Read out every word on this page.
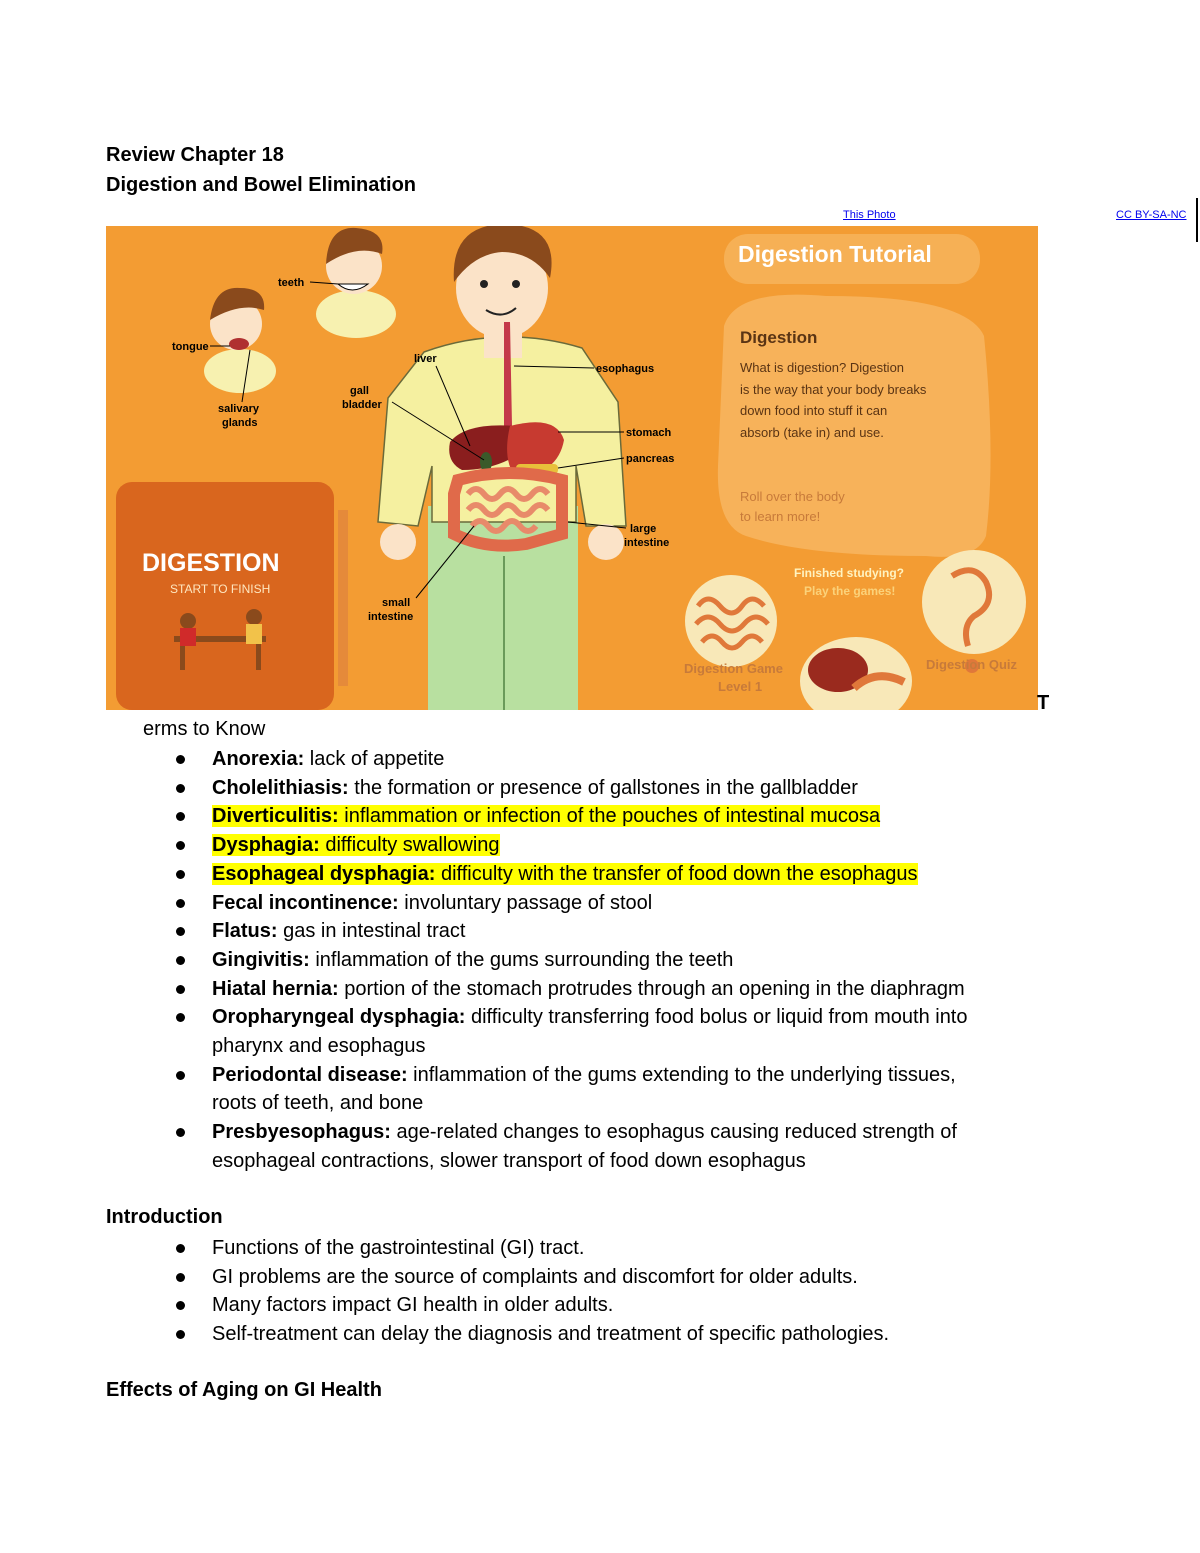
Review Chapter 18
Digestion and Bowel Elimination
This Photo	CC BY-SA-NC
Digestion Tutorial
Digestion
What is digestion? Digestion
is the way that your body breaks
down food into stuff it can
absorb (take in) and use.
Roll over the body
to learn more!
Finished studying?
Play the games!
Digestion Game
Level 1
Digestion Quiz
DIGESTION
START TO FINISH
teeth
tongue
salivary
glands
liver
gall
bladder
esophagus
stomach
pancreas
large
intestine
small
intestine
T
erms to Know
Anorexia: lack of appetite
Cholelithiasis: the formation or presence of gallstones in the gallbladder
Diverticulitis: inflammation or infection of the pouches of intestinal mucosa
Dysphagia: difficulty swallowing
Esophageal dysphagia: difficulty with the transfer of food down the esophagus
Fecal incontinence: involuntary passage of stool
Flatus: gas in intestinal tract
Gingivitis: inflammation of the gums surrounding the teeth
Hiatal hernia: portion of the stomach protrudes through an opening in the diaphragm
Oropharyngeal dysphagia: difficulty transferring food bolus or liquid from mouth into
pharynx and esophagus
Periodontal disease: inflammation of the gums extending to the underlying tissues,
roots of teeth, and bone
Presbyesophagus: age-related changes to esophagus causing reduced strength of
esophageal contractions, slower transport of food down esophagus
Introduction
Functions of the gastrointestinal (GI) tract.
GI problems are the source of complaints and discomfort for older adults.
Many factors impact GI health in older adults.
Self-treatment can delay the diagnosis and treatment of specific pathologies.
Effects of Aging on GI Health
